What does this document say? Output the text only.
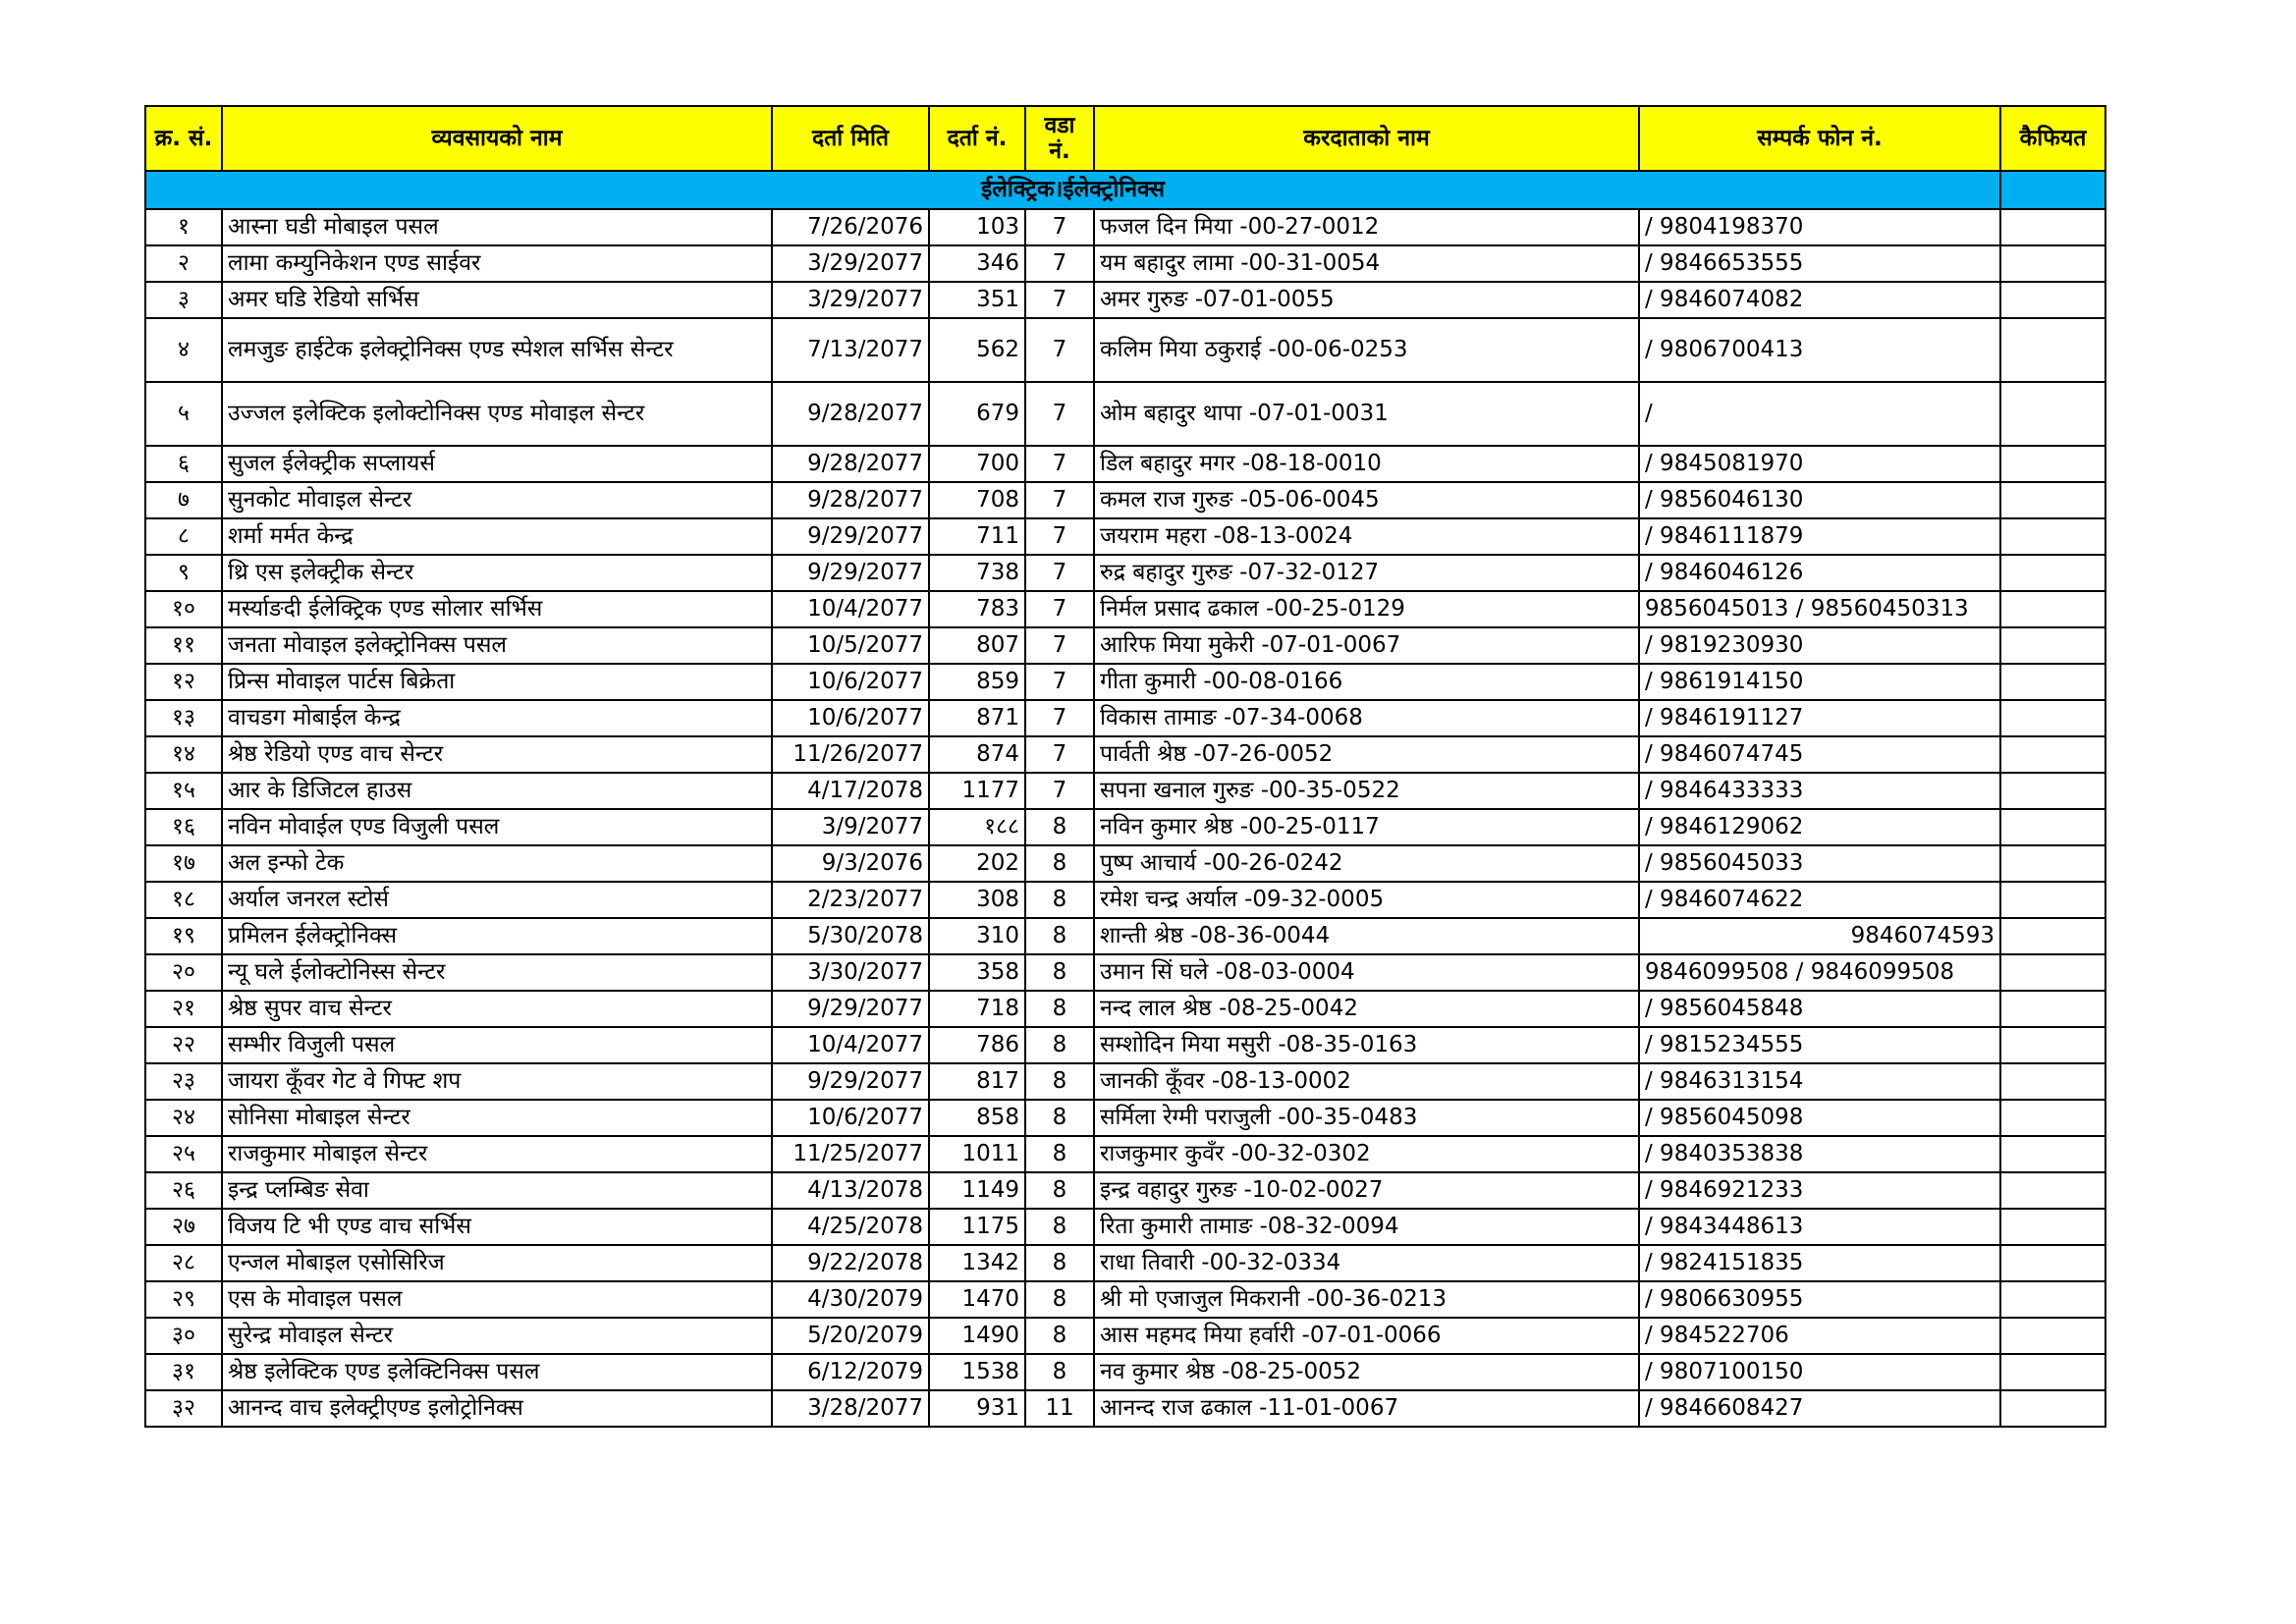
क्र. सं.	व्यवसायको नाम	दर्ता मिति	दर्ता नं.	वडा नं.	करदाताको नाम	सम्पर्क फोन नं.	कैफियत
ईलेक्ट्रिक।ईलेक्ट्रोनिक्स							
१	आस्ना घडी मोबाइल पसल	7/26/2076	103	7	फजल दिन मिया -00-27-0012	/ 9804198370	
२	लामा कम्युनिकेशन एण्ड साईवर	3/29/2077	346	7	यम बहादुर लामा -00-31-0054	/ 9846653555	
३	अमर घडि रेडियो सर्भिस	3/29/2077	351	7	अमर गुरुङ -07-01-0055	/ 9846074082	
४	लमजुङ हाईटेक इलेक्ट्रोनिक्स एण्ड स्पेशल सर्भिस सेन्टर	7/13/2077	562	7	कलिम मिया ठकुराई -00-06-0253	/ 9806700413	
५	उज्जल इलेक्टिक इलोक्टोनिक्स एण्ड मोवाइल सेन्टर	9/28/2077	679	7	ओम बहादुर थापा -07-01-0031	/	
६	सुजल ईलेक्ट्रीक सप्लायर्स	9/28/2077	700	7	डिल बहादुर मगर -08-18-0010	/ 9845081970	
७	सुनकोट मोवाइल सेन्टर	9/28/2077	708	7	कमल राज गुरुङ -05-06-0045	/ 9856046130	
८	शर्मा मर्मत केन्द्र	9/29/2077	711	7	जयराम महरा -08-13-0024	/ 9846111879	
९	थ्रि एस इलेक्ट्रीक सेन्टर	9/29/2077	738	7	रुद्र बहादुर गुरुङ -07-32-0127	/ 9846046126	
१०	मर्स्याङदी ईलेक्ट्रिक एण्ड सोलार सर्भिस	10/4/2077	783	7	निर्मल प्रसाद ढकाल -00-25-0129	9856045013 / 98560450313	
११	जनता मोवाइल इलेक्ट्रोनिक्स पसल	10/5/2077	807	7	आरिफ मिया मुकेरी -07-01-0067	/ 9819230930	
१२	प्रिन्स मोवाइल पार्टस बिक्रेता	10/6/2077	859	7	गीता कुमारी -00-08-0166	/ 9861914150	
१३	वाचडग मोबाईल केन्द्र	10/6/2077	871	7	विकास तामाङ -07-34-0068	/ 9846191127	
१४	श्रेष्ठ रेडियो एण्ड वाच सेन्टर	11/26/2077	874	7	पार्वती श्रेष्ठ -07-26-0052	/ 9846074745	
१५	आर के डिजिटल हाउस	4/17/2078	1177	7	सपना खनाल गुरुङ -00-35-0522	/ 9846433333	
१६	नविन मोवाईल एण्ड विजुली पसल	3/9/2077	१८८	8	नविन कुमार श्रेष्ठ -00-25-0117	/ 9846129062	
१७	अल इन्फो टेक	9/3/2076	202	8	पुष्प आचार्य -00-26-0242	/ 9856045033	
१८	अर्याल जनरल स्टोर्स	2/23/2077	308	8	रमेश चन्द्र अर्याल -09-32-0005	/ 9846074622	
१९	प्रमिलन ईलेक्ट्रोनिक्स	5/30/2078	310	8	शान्ती श्रेष्ठ -08-36-0044	9846074593	
२०	न्यू घले ईलोक्टोनिस्स सेन्टर	3/30/2077	358	8	उमान सिं घले -08-03-0004	9846099508 / 9846099508	
२१	श्रेष्ठ सुपर वाच सेन्टर	9/29/2077	718	8	नन्द लाल श्रेष्ठ -08-25-0042	/ 9856045848	
२२	सम्भीर विजुली पसल	10/4/2077	786	8	सम्शोदिन मिया मसुरी -08-35-0163	/ 9815234555	
२३	जायरा कूँवर गेट वे गिफ्ट शप	9/29/2077	817	8	जानकी कूँवर -08-13-0002	/ 9846313154	
२४	सोनिसा मोबाइल सेन्टर	10/6/2077	858	8	सर्मिला रेग्मी पराजुली -00-35-0483	/ 9856045098	
२५	राजकुमार मोबाइल सेन्टर	11/25/2077	1011	8	राजकुमार कुवँर -00-32-0302	/ 9840353838	
२६	इन्द्र प्लम्बिङ सेवा	4/13/2078	1149	8	इन्द्र वहादुर गुरुङ -10-02-0027	/ 9846921233	
२७	विजय टि भी एण्ड वाच सर्भिस	4/25/2078	1175	8	रिता कुमारी तामाङ -08-32-0094	/ 9843448613	
२८	एन्जल मोबाइल एसोसिरिज	9/22/2078	1342	8	राधा तिवारी -00-32-0334	/ 9824151835	
२९	एस के मोवाइल पसल	4/30/2079	1470	8	श्री मो एजाजुल मिकरानी -00-36-0213	/ 9806630955	
३०	सुरेन्द्र मोवाइल सेन्टर	5/20/2079	1490	8	आस महमद मिया हर्वारी -07-01-0066	/ 984522706	
३१	श्रेष्ठ इलेक्टिक एण्ड इलेक्टिनिक्स पसल	6/12/2079	1538	8	नव कुमार श्रेष्ठ -08-25-0052	/ 9807100150	
३२	आनन्द वाच इलेक्ट्रीएण्ड इलोट्रोनिक्स	3/28/2077	931	11	आनन्द राज ढकाल -11-01-0067	/ 9846608427	
